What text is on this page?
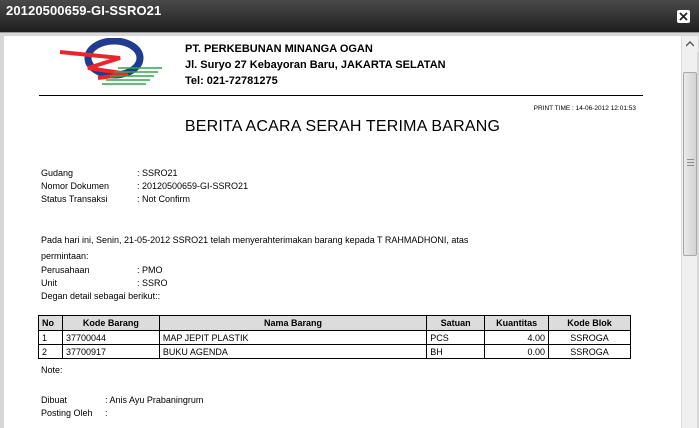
20120500659-GI-SSRO21
PT. PERKEBUNAN MINANGA OGAN
Jl. Suryo 27 Kebayoran Baru, JAKARTA SELATAN
Tel: 021-72781275
PRINT TIME : 14-06-2012 12:01:53
BERITA ACARA SERAH TERIMA BARANG
Gudang	: SSRO21
Nomor Dokumen	: 20120500659-GI-SSRO21
Status Transaksi	: Not Confirm
Pada hari ini, Senin, 21-05-2012 SSRO21 telah menyerahterimakan barang kepada T RAHMADHONI, atas
permintaan:
Perusahaan	: PMO
Unit	: SSRO
Degan detail sebagai berikut::
No	Kode Barang	Nama Barang	Satuan	Kuantitas	Kode Blok
1	37700044	MAP JEPIT PLASTIK	PCS	4.00	SSROGA
2	37700917	BUKU AGENDA	BH	0.00	SSROGA
Note:
Dibuat	: Anis Ayu Prabaningrum
Posting Oleh	:
